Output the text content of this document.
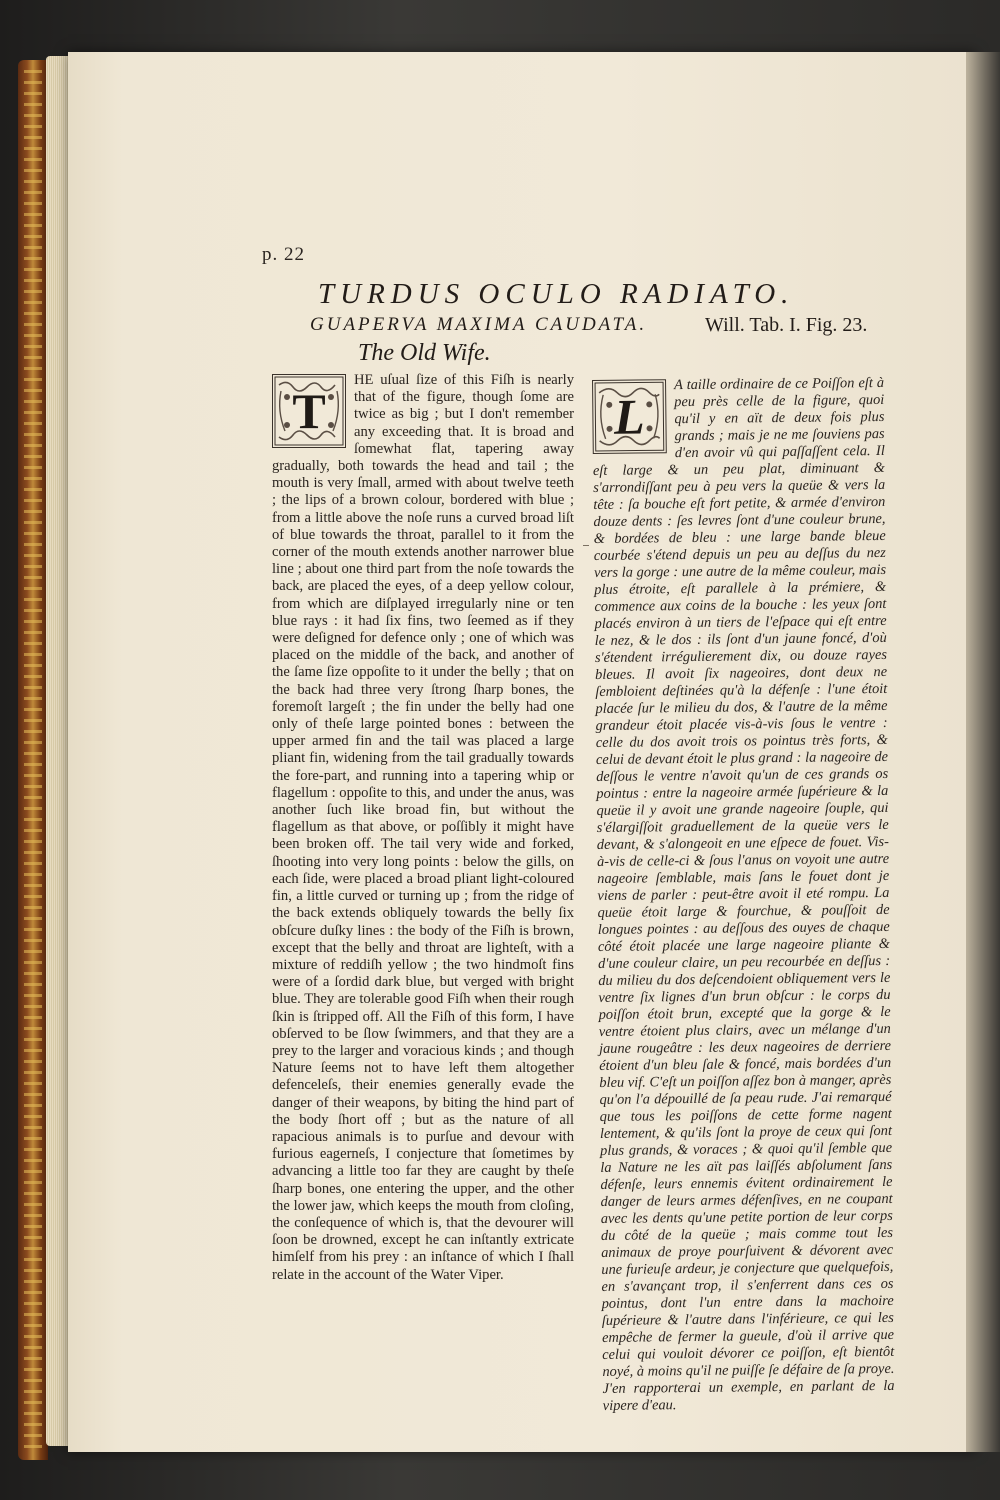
p. 22
TURDUS OCULO RADIATO.
GUAPERVA MAXIMA CAUDATA.	Will. Tab. I. Fig. 23.
The Old Wife.
T
HE uſual ſize of this Fiſh is nearly that of the figure, though ſome are twice as big ; but I don't remember any exceeding that. It is broad and ſomewhat flat, tapering away gradually, both towards the head and tail ; the mouth is very ſmall, armed with about twelve teeth ; the lips of a brown colour, bordered with blue ; from a little above the noſe runs a curved broad liſt of blue towards the throat, parallel to it from the corner of the mouth extends another narrower blue line ; about one third part from the noſe towards the back, are placed the eyes, of a deep yellow colour, from which are diſplayed irregularly nine or ten blue rays : it had ſix fins, two ſeemed as if they were deſigned for defence only ; one of which was placed on the middle of the back, and another of the ſame ſize oppoſite to it under the belly ; that on the back had three very ſtrong ſharp bones, the foremoſt largeſt ; the fin under the belly had one only of theſe large pointed bones : between the upper armed fin and the tail was placed a large pliant fin, widening from the tail gradually towards the fore-part, and running into a tapering whip or flagellum : oppoſite to this, and under the anus, was another ſuch like broad fin, but without the flagellum as that above, or poſſibly it might have been broken off. The tail very wide and forked, ſhooting into very long points : below the gills, on each ſide, were placed a broad pliant light-coloured fin, a little curved or turning up ; from the ridge of the back extends obliquely towards the belly ſix obſcure duſky lines : the body of the Fiſh is brown, except that the belly and throat are lighteſt, with a mixture of reddiſh yellow ; the two hindmoſt fins were of a ſordid dark blue, but verged with bright blue. They are tolerable good Fiſh when their rough ſkin is ſtripped off. All the Fiſh of this form, I have obſerved to be ſlow ſwimmers, and that they are a prey to the larger and voracious kinds ; and though Nature ſeems not to have left them altogether defenceleſs, their enemies generally evade the danger of their weapons, by biting the hind part of the body ſhort off ; but as the nature of all rapacious animals is to purſue and devour with furious eagerneſs, I conjecture that ſometimes by advancing a little too far they are caught by theſe ſharp bones, one entering the upper, and the other the lower jaw, which keeps the mouth from cloſing, the conſequence of which is, that the devourer will ſoon be drowned, except he can inſtantly extricate himſelf from his prey : an inſtance of which I ſhall relate in the account of the Water Viper.
L
A taille ordinaire de ce Poiſſon eſt à peu près celle de la figure, quoi qu'il y en aït de deux fois plus grands ; mais je ne me ſouviens pas d'en avoir vû qui paſſaſſent cela. Il eſt large & un peu plat, diminuant & s'arrondiſſant peu à peu vers la queüe & vers la tête : ſa bouche eſt fort petite, & armée d'environ douze dents : ſes levres ſont d'une couleur brune, & bordées de bleu : une large bande bleue courbée s'étend depuis un peu au deſſus du nez vers la gorge : une autre de la même couleur, mais plus étroite, eſt parallele à la prémiere, & commence aux coins de la bouche : les yeux ſont placés environ à un tiers de l'eſpace qui eſt entre le nez, & le dos : ils ſont d'un jaune foncé, d'où s'étendent irrégulierement dix, ou douze rayes bleues. Il avoit ſix nageoires, dont deux ne ſembloient deſtinées qu'à la défenſe : l'une étoit placée ſur le milieu du dos, & l'autre de la même grandeur étoit placée vis-à-vis ſous le ventre : celle du dos avoit trois os pointus très forts, & celui de devant étoit le plus grand : la nageoire de deſſous le ventre n'avoit qu'un de ces grands os pointus : entre la nageoire armée ſupérieure & la queüe il y avoit une grande nageoire ſouple, qui s'élargiſſoit graduellement de la queüe vers le devant, & s'alongeoit en une eſpece de fouet. Vis-à-vis de celle-ci & ſous l'anus on voyoit une autre nageoire ſemblable, mais ſans le fouet dont je viens de parler : peut-être avoit il eté rompu. La queüe étoit large & fourchue, & pouſſoit de longues pointes : au deſſous des ouyes de chaque côté étoit placée une large nageoire pliante & d'une couleur claire, un peu recourbée en deſſus : du milieu du dos deſcendoient obliquement vers le ventre ſix lignes d'un brun obſcur : le corps du poiſſon étoit brun, excepté que la gorge & le ventre étoient plus clairs, avec un mélange d'un jaune rougeâtre : les deux nageoires de derriere étoient d'un bleu ſale & foncé, mais bordées d'un bleu vif. C'eſt un poiſſon aſſez bon à manger, après qu'on l'a dépouillé de ſa peau rude. J'ai remarqué que tous les poiſſons de cette forme nagent lentement, & qu'ils ſont la proye de ceux qui ſont plus grands, & voraces ; & quoi qu'il ſemble que la Nature ne les aït pas laiſſés abſolument ſans défenſe, leurs ennemis évitent ordinairement le danger de leurs armes défenſives, en ne coupant avec les dents qu'une petite portion de leur corps du côté de la queüe ; mais comme tout les animaux de proye pourſuivent & dévorent avec une furieuſe ardeur, je conjecture que quelquefois, en s'avançant trop, il s'enferrent dans ces os pointus, dont l'un entre dans la machoire ſupérieure & l'autre dans l'inférieure, ce qui les empêche de fermer la gueule, d'où il arrive que celui qui vouloit dévorer ce poiſſon, eſt bientôt noyé, à moins qu'il ne puiſſe ſe défaire de ſa proye. J'en rapporterai un exemple, en parlant de la vipere d'eau.
